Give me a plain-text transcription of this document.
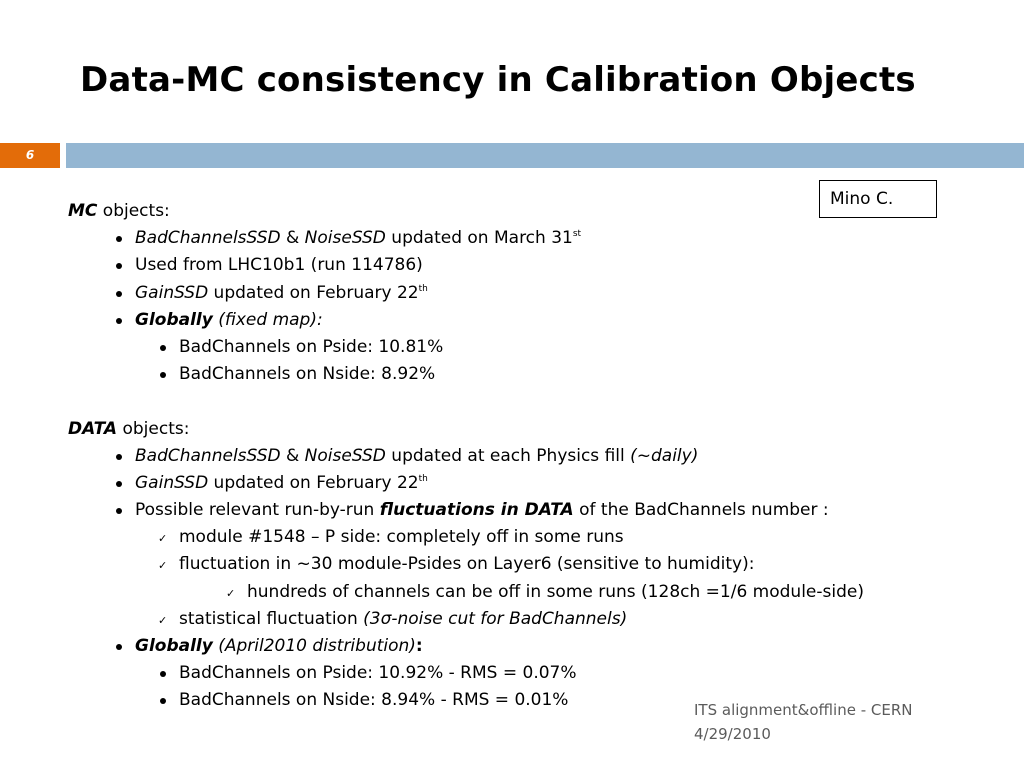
Data-MC consistency in Calibration Objects
6
Mino C.
MC objects:
BadChannelsSSD & NoiseSSD updated on March 31st
Used from LHC10b1 (run 114786)
GainSSD updated on February 22th
Globally (fixed map):
BadChannels on Pside: 10.81%
BadChannels on Nside: 8.92%
DATA objects:
BadChannelsSSD & NoiseSSD updated at each Physics fill (~daily)
GainSSD updated on February 22th
Possible relevant run-by-run fluctuations in DATA of the BadChannels number :
✓ module #1548 – P side: completely off in some runs
✓ fluctuation in ~30 module-Psides on Layer6 (sensitive to humidity):
✓ hundreds of channels can be off in some runs (128ch =1/6 module-side)
✓ statistical fluctuation (3σ-noise cut for BadChannels)
Globally (April2010 distribution):
BadChannels on Pside: 10.92% - RMS = 0.07%
BadChannels on Nside: 8.94% - RMS = 0.01%	ITS alignment&offline - CERN
4/29/2010
